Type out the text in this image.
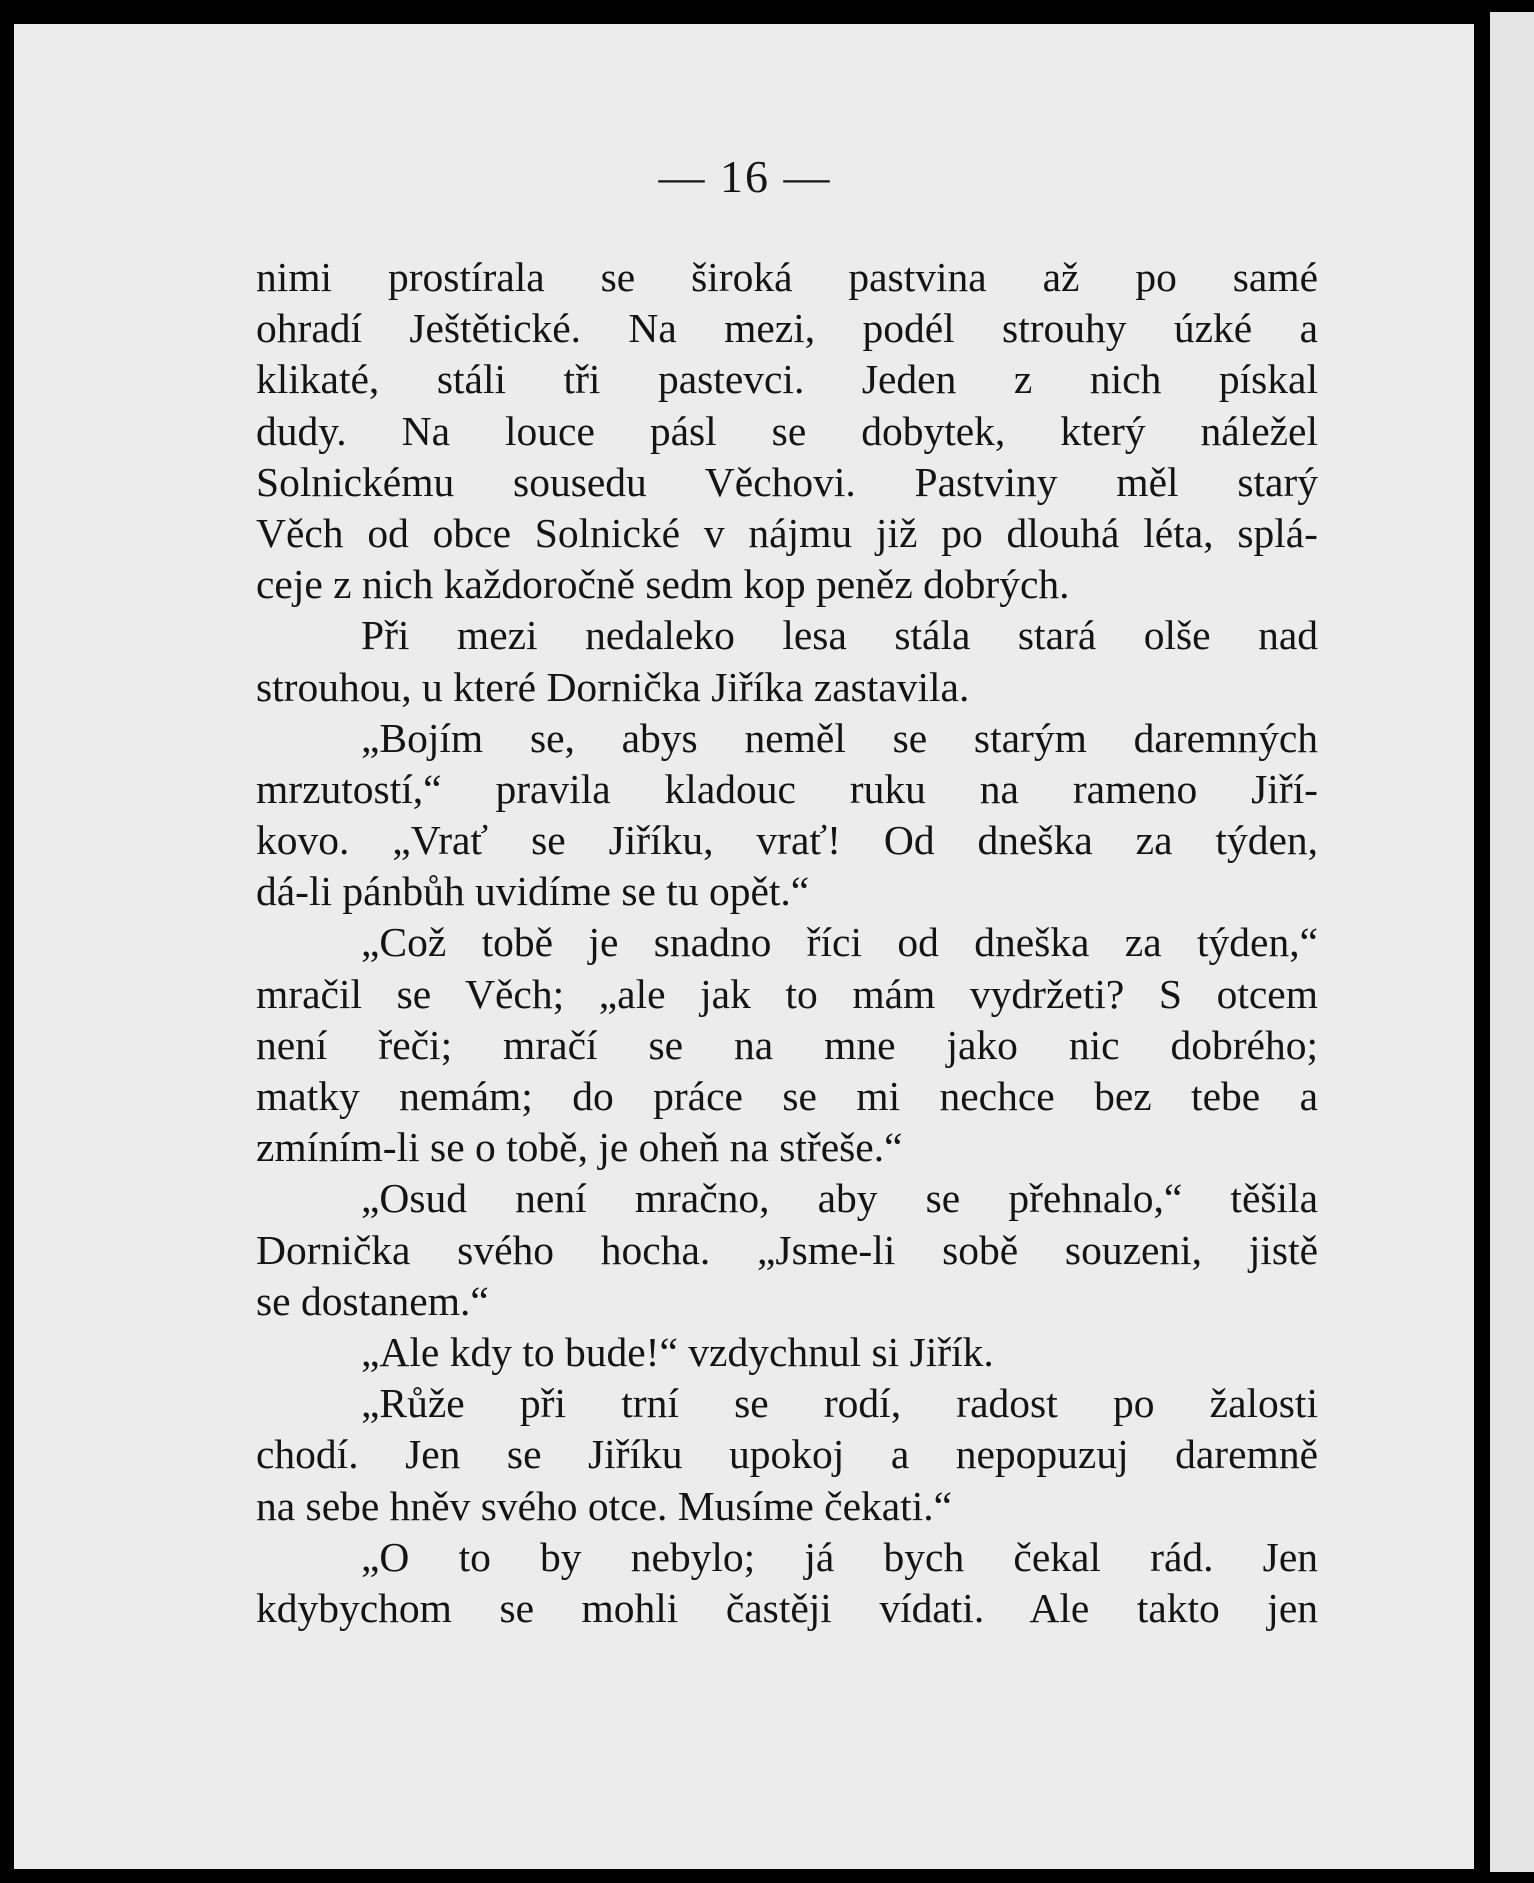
— 16 —
nimi prostírala se široká pastvina až po samé
ohradí Ještětické. Na mezi, podél strouhy úzké a
klikaté, stáli tři pastevci. Jeden z nich pískal
dudy. Na louce pásl se dobytek, který náležel
Solnickému sousedu Věchovi. Pastviny měl starý
Věch od obce Solnické v nájmu již po dlouhá léta, splá-
ceje z nich každoročně sedm kop peněz dobrých.
Při mezi nedaleko lesa stála stará olše nad
strouhou, u které Dornička Jiříka zastavila.
„Bojím se, abys neměl se starým daremných
mrzutostí,“ pravila kladouc ruku na rameno Jiří-
kovo. „Vrať se Jiříku, vrať! Od dneška za týden,
dá-li pánbůh uvidíme se tu opět.“
„Což tobě je snadno říci od dneška za týden,“
mračil se Věch; „ale jak to mám vydržeti? S otcem
není řeči; mračí se na mne jako nic dobrého;
matky nemám; do práce se mi nechce bez tebe a
zmíním-li se o tobě, je oheň na střeše.“
„Osud není mračno, aby se přehnalo,“ těšila
Dornička svého hocha. „Jsme-li sobě souzeni, jistě
se dostanem.“
„Ale kdy to bude!“ vzdychnul si Jiřík.
„Růže při trní se rodí, radost po žalosti
chodí. Jen se Jiříku upokoj a nepopuzuj daremně
na sebe hněv svého otce. Musíme čekati.“
„O to by nebylo; já bych čekal rád. Jen
kdybychom se mohli častěji vídati. Ale takto jen
